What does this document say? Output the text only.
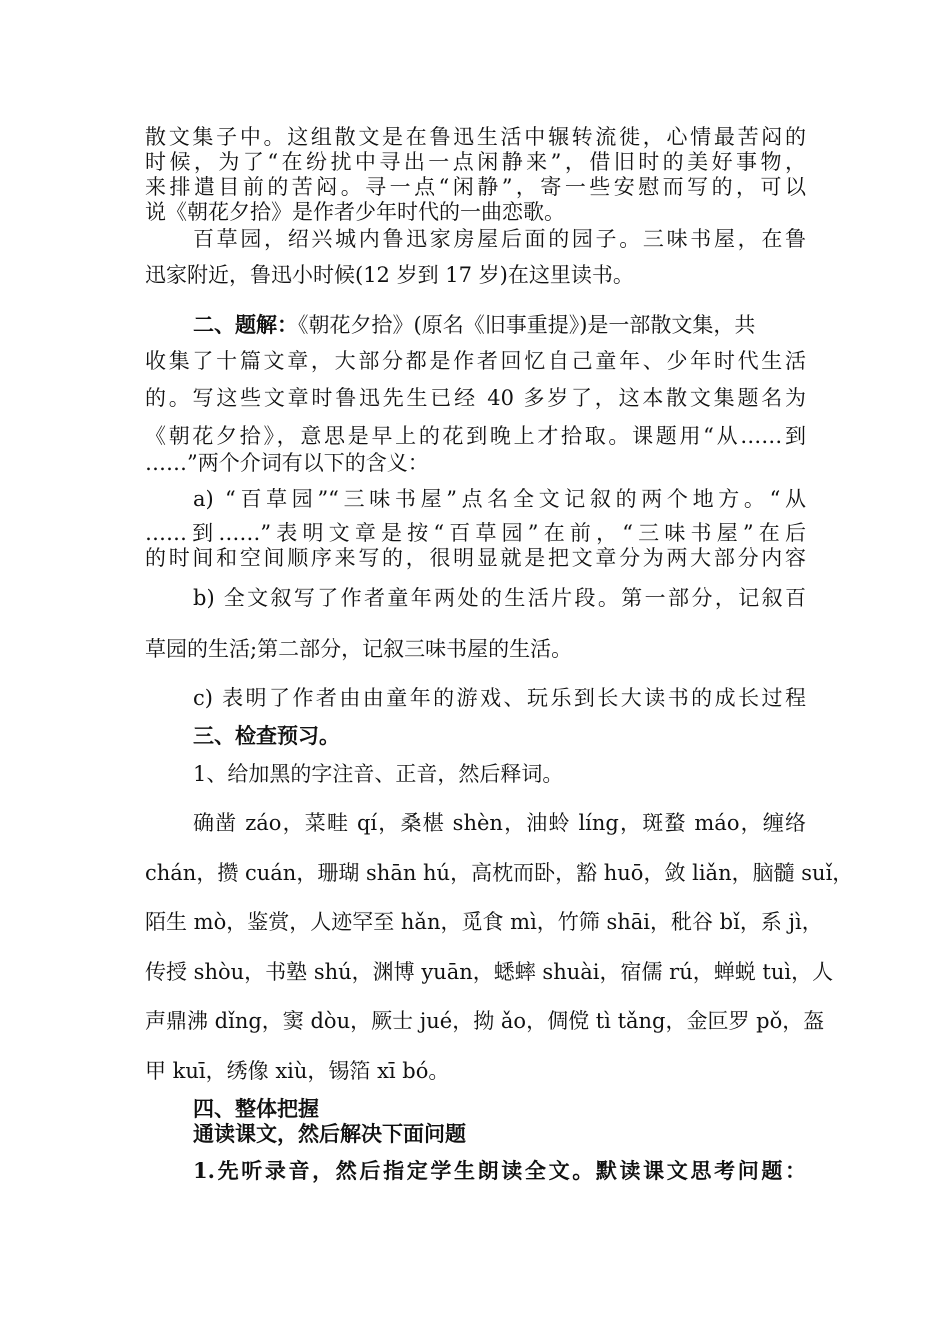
散文集子中。这组散文是在鲁迅生活中辗转流徙，心情最苦闷的
时候，为了“在纷扰中寻出一点闲静来”，借旧时的美好事物，
来排遣目前的苦闷。寻一点“闲静”，寄一些安慰而写的，可以
说《朝花夕拾》是作者少年时代的一曲恋歌。
百草园，绍兴城内鲁迅家房屋后面的园子。三味书屋，在鲁
迅家附近，鲁迅小时候(12 岁到 17 岁)在这里读书。
二、题解：《朝花夕拾》(原名《旧事重提》)是一部散文集，共
收集了十篇文章，大部分都是作者回忆自己童年、少年时代生活
的。写这些文章时鲁迅先生已经 40 多岁了，这本散文集题名为
《朝花夕拾》，意思是早上的花到晚上才拾取。课题用“从……到
……”两个介词有以下的含义：
a) “百草园”“三味书屋”点名全文记叙的两个地方。“从
……到……”表明文章是按“百草园”在前，“三味书屋”在后
的时间和空间顺序来写的，很明显就是把文章分为两大部分内容
b) 全文叙写了作者童年两处的生活片段。第一部分，记叙百
草园的生活;第二部分，记叙三味书屋的生活。
c) 表明了作者由由童年的游戏、玩乐到长大读书的成长过程
三、检查预习。
1、给加黑的字注音、正音，然后释词。
确凿 záo，菜畦 qí，桑椹 shèn，油蛉 líng，斑蝥 máo，缠络
chán，攒 cuán，珊瑚 shān hú，高枕而卧，豁 huō，敛 liǎn，脑髓 suǐ，
陌生 mò，鉴赏，人迹罕至 hǎn，觅食 mì，竹筛 shāi，秕谷 bǐ，系 jì，
传授 shòu，书塾 shú，渊博 yuān，蟋蟀 shuài，宿儒 rú，蝉蜕 tuì，人
声鼎沸 dǐng，窦 dòu，厥士 jué，拗 ǎo，倜傥 tì tǎng，金叵罗 pǒ，盔
甲 kuī，绣像 xiù，锡箔 xī bó。
四、整体把握
通读课文，然后解决下面问题
1.先听录音，然后指定学生朗读全文。默读课文思考问题：
